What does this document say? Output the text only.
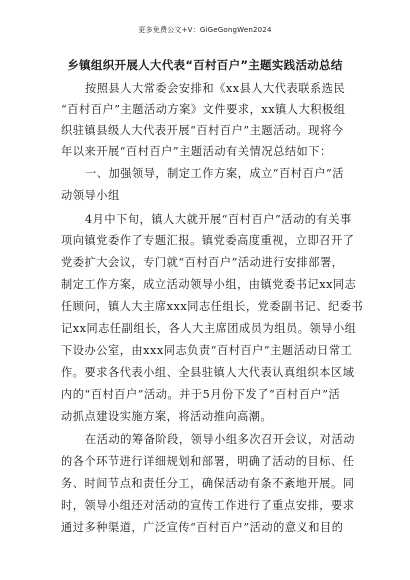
更多免费公文+V：GiGeGongWen2024
乡镇组织开展人大代表“百村百户”主题实践活动总结
按照县人大常委会安排和《xx县人大代表联系选民
“百村百户”主题活动方案》文件要求，xx镇人大积极组
织驻镇县级人大代表开展“百村百户”主题活动。现将今
年以来开展“百村百户”主题活动有关情况总结如下：
一、加强领导，制定工作方案，成立“百村百户”活
动领导小组
4月中下旬，镇人大就开展“百村百户”活动的有关事
项向镇党委作了专题汇报。镇党委高度重视，立即召开了
党委扩大会议，专门就“百村百户”活动进行安排部署，
制定工作方案，成立活动领导小组，由镇党委书记xx同志
任顾问，镇人大主席xxx同志任组长，党委副书记、纪委书
记xx同志任副组长，各人大主席团成员为组员。领导小组
下设办公室，由xxx同志负责“百村百户”主题活动日常工
作。要求各代表小组、全县驻镇人大代表认真组织本区域
内的“百村百户”活动。并于5月份下发了“百村百户”活
动抓点建设实施方案，将活动推向高潮。
在活动的筹备阶段，领导小组多次召开会议，对活动
的各个环节进行详细规划和部署，明确了活动的目标、任
务、时间节点和责任分工，确保活动有条不紊地开展。同
时，领导小组还对活动的宣传工作进行了重点安排，要求
通过多种渠道，广泛宣传“百村百户”活动的意义和目的
